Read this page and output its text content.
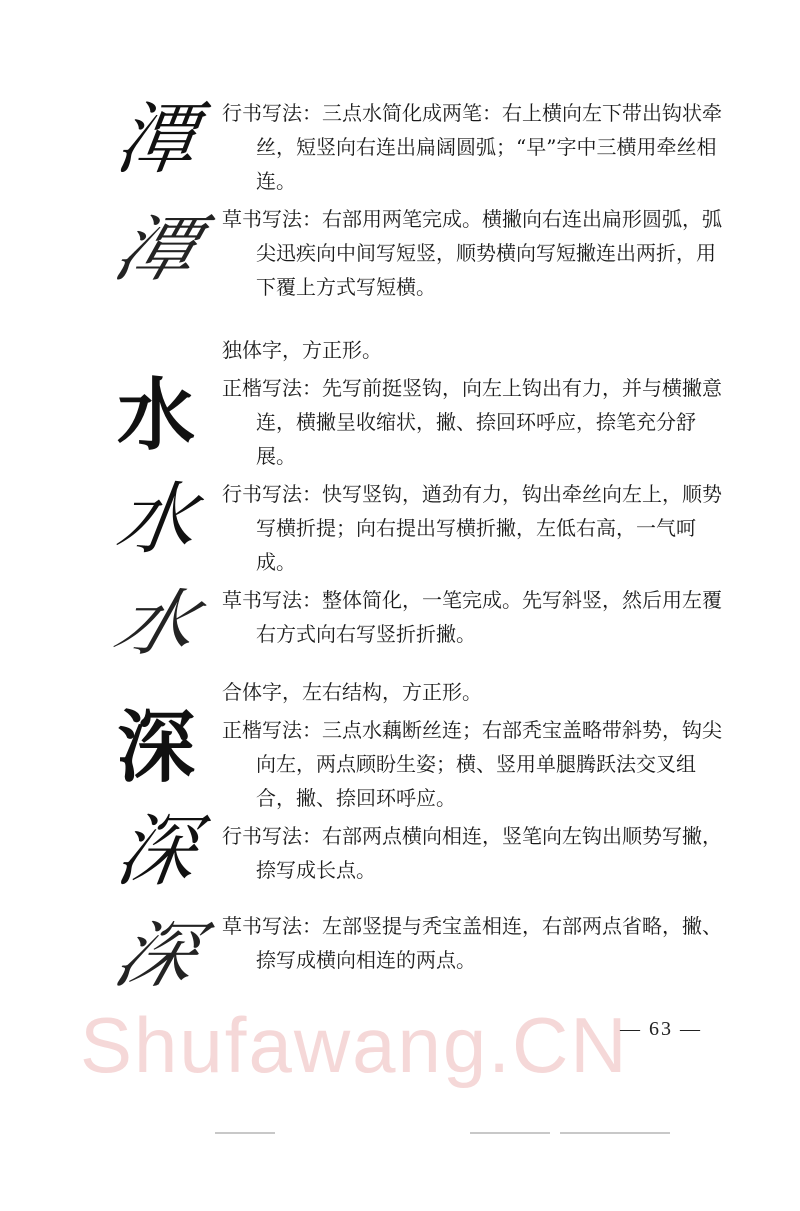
潭
潭

行书写法：三点水简化成两笔：右上横向左下带出钩状牵丝，短竖向右连出扁阔圆弧；“早”字中三横用牵丝相连。

草书写法：右部用两笔完成。横撇向右连出扁形圆弧，弧尖迅疾向中间写短竖，顺势横向写短撇连出两折，用下覆上方式写短横。

水
水
水

独体字，方正形。

正楷写法：先写前挺竖钩，向左上钩出有力，并与横撇意连，横撇呈收缩状，撇、捺回环呼应，捺笔充分舒展。

行书写法：快写竖钩，遒劲有力，钩出牵丝向左上，顺势写横折提；向右提出写横折撇，左低右高，一气呵成。

草书写法：整体简化，一笔完成。先写斜竖，然后用左覆右方式向右写竖折折撇。

深
深
深

合体字，左右结构，方正形。

正楷写法：三点水藕断丝连；右部秃宝盖略带斜势，钩尖向左，两点顾盼生姿；横、竖用单腿腾跃法交叉组合，撇、捺回环呼应。

行书写法：右部两点横向相连，竖笔向左钩出顺势写撇，捺写成长点。

草书写法：左部竖提与秃宝盖相连，右部两点省略，撇、捺写成横向相连的两点。

Shufawang.CN
— 63 —
